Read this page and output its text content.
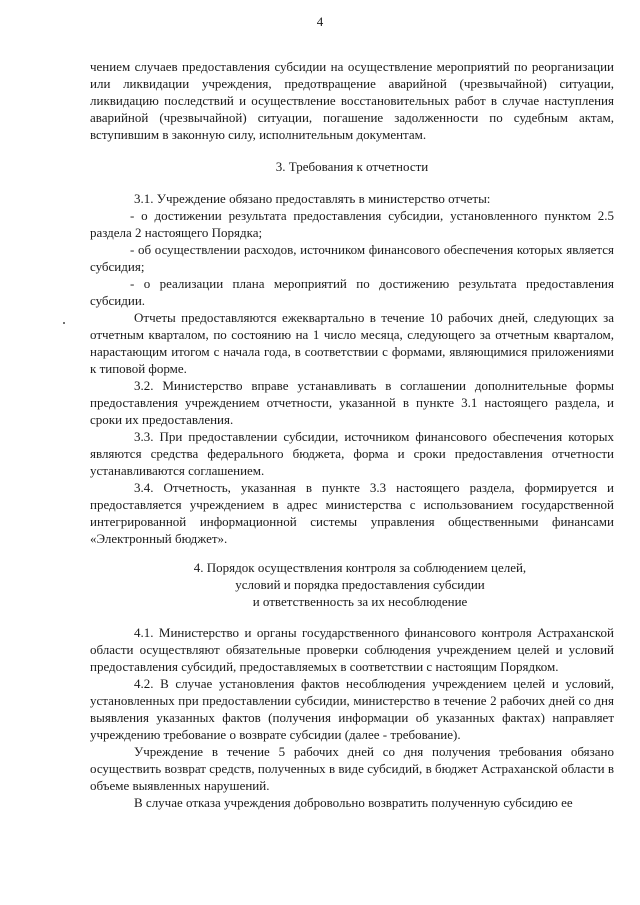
4

чением случаев предоставления субсидии на осуществление мероприятий по реорганизации или ликвидации учреждения, предотвращение аварийной (чрезвычайной) ситуации, ликвидацию последствий и осуществление восстановительных работ в случае наступления аварийной (чрезвычайной) ситуации, погашение задолженности по судебным актам, вступившим в законную силу, исполнительным документам.

3. Требования к отчетности

3.1. Учреждение обязано предоставлять в министерство отчеты:

- о достижении результата предоставления субсидии, установленного пунктом 2.5 раздела 2 настоящего Порядка;

- об осуществлении расходов, источником финансового обеспечения которых является субсидия;

- о реализации плана мероприятий по достижению результата предоставления субсидии.

Отчеты предоставляются ежеквартально в течение 10 рабочих дней, следующих за отчетным кварталом, по состоянию на 1 число месяца, следующего за отчетным кварталом, нарастающим итогом с начала года, в соответствии с формами, являющимися приложениями к типовой форме.

3.2. Министерство вправе устанавливать в соглашении дополнительные формы предоставления учреждением отчетности, указанной в пункте 3.1 настоящего раздела, и сроки их предоставления.

3.3. При предоставлении субсидии, источником финансового обеспечения которых являются средства федерального бюджета, форма и сроки предоставления отчетности устанавливаются соглашением.

3.4. Отчетность, указанная в пункте 3.3 настоящего раздела, формируется и предоставляется учреждением в адрес министерства с использованием государственной интегрированной информационной системы управления общественными финансами «Электронный бюджет».

4. Порядок осуществления контроля за соблюдением целей,
условий и порядка предоставления субсидии
и ответственность за их несоблюдение

4.1. Министерство и органы государственного финансового контроля Астраханской области осуществляют обязательные проверки соблюдения учреждением целей и условий предоставления субсидий, предоставляемых в соответствии с настоящим Порядком.

4.2. В случае установления фактов несоблюдения учреждением целей и условий, установленных при предоставлении субсидии, министерство в течение 2 рабочих дней со дня выявления указанных фактов (получения информации об указанных фактах) направляет учреждению требование о возврате субсидии (далее - требование).

Учреждение в течение 5 рабочих дней со дня получения требования обязано осуществить возврат средств, полученных в виде субсидий, в бюджет Астраханской области в объеме выявленных нарушений.

В случае отказа учреждения добровольно возвратить полученную субсидию ее
